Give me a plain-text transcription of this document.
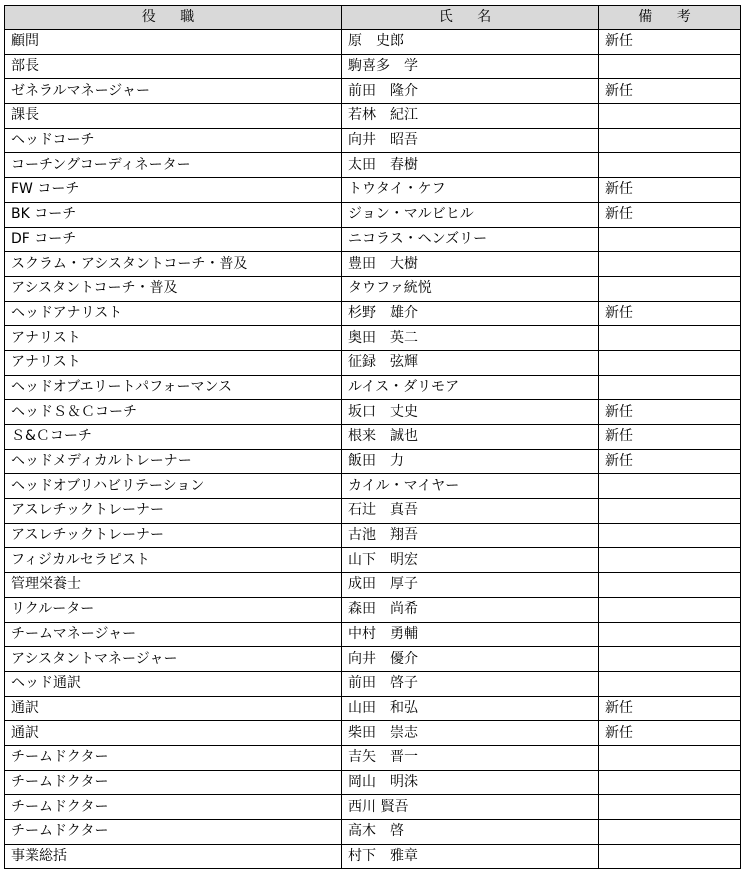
役 職	氏 名	備 考
顧問	原　史郎	新任
部長	駒喜多　学	
ゼネラルマネージャー	前田　隆介	新任
課長	若林　紀江	
ヘッドコーチ	向井　昭吾	
コーチングコーディネーター	太田　春樹	
FW コーチ	トウタイ・ケフ	新任
BK コーチ	ジョン・マルビヒル	新任
DF コーチ	ニコラス・ヘンズリー	
スクラム・アシスタントコーチ・普及	豊田　大樹	
アシスタントコーチ・普及	タウファ統悦	
ヘッドアナリスト	杉野　雄介	新任
アナリスト	奥田　英二	
アナリスト	征録　弦輝	
ヘッドオブエリートパフォーマンス	ルイス・ダリモア	
ヘッドＳ＆Ｃコーチ	坂口　丈史	新任
Ｓ&Ｃコーチ	根来　誠也	新任
ヘッドメディカルトレーナー	飯田　力	新任
ヘッドオブリハビリテーション	カイル・マイヤー	
アスレチックトレーナー	石辻　真吾	
アスレチックトレーナー	古池　翔吾	
フィジカルセラピスト	山下　明宏	
管理栄養士	成田　厚子	
リクルーター	森田　尚希	
チームマネージャー	中村　勇輔	
アシスタントマネージャー	向井　優介	
ヘッド通訳	前田　啓子	
通訳	山田　和弘	新任
通訳	柴田　崇志	新任
チームドクター	吉矢　晋一	
チームドクター	岡山　明洙	
チームドクター	西川 賢吾	
チームドクター	高木　啓	
事業総括	村下　雅章	
